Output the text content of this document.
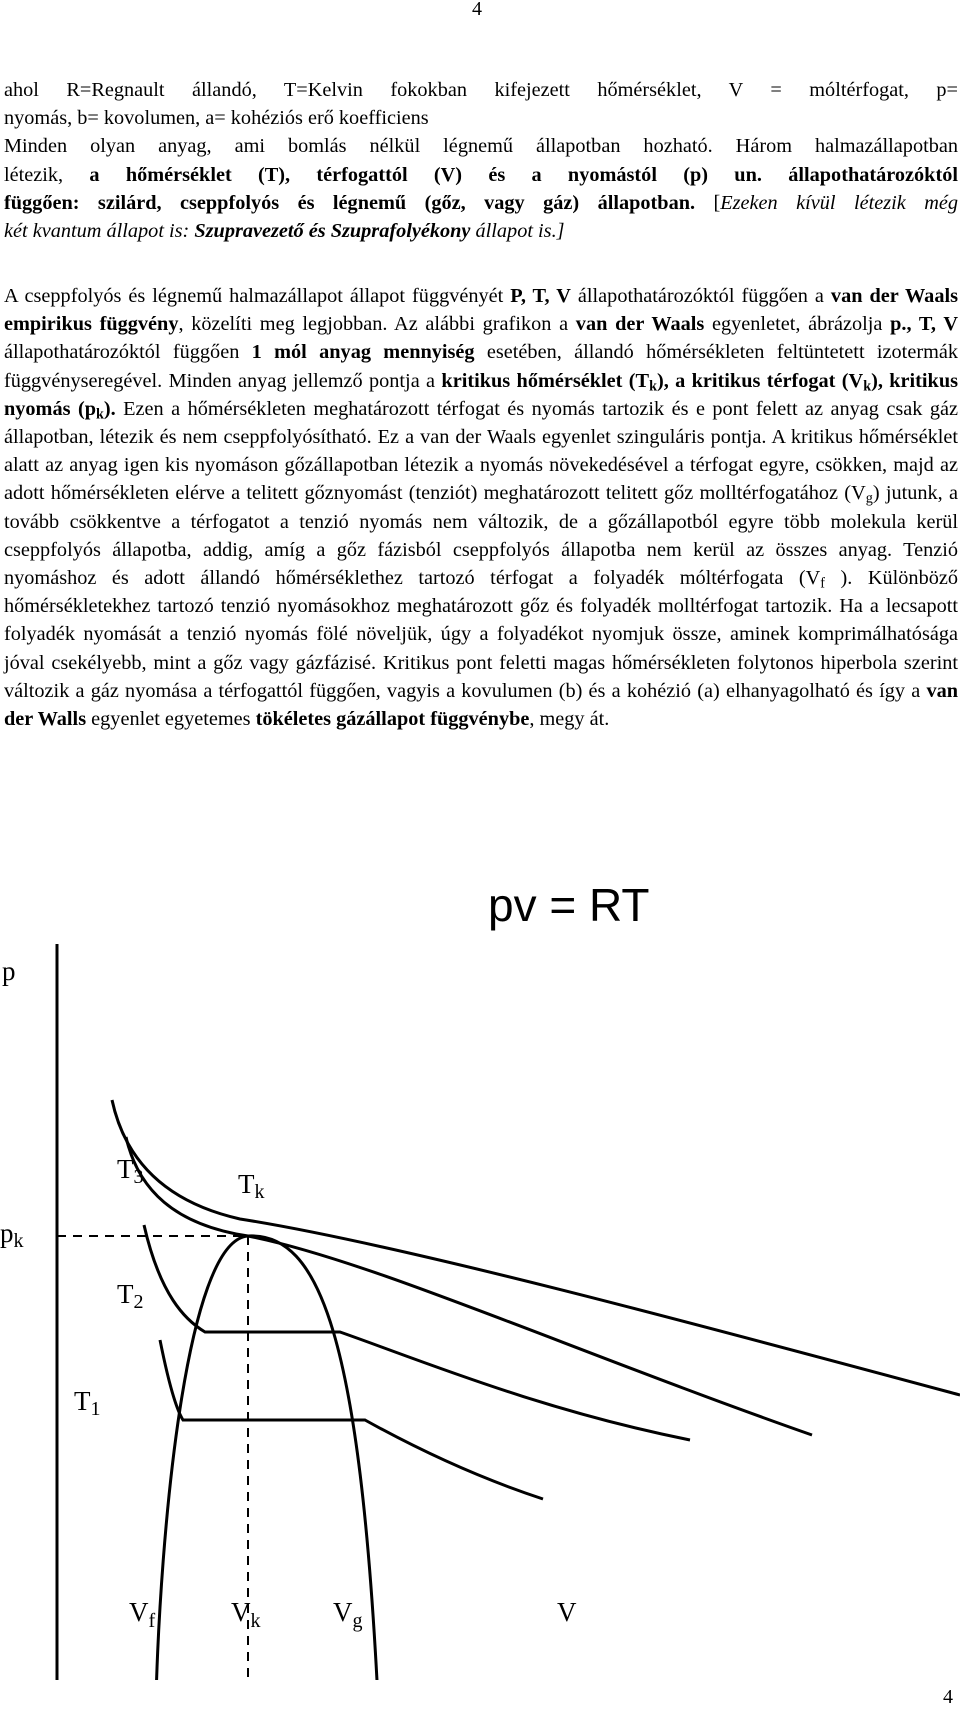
4
ahol R=Regnault állandó, T=Kelvin fokokban kifejezett hőmérséklet, V = móltérfogat, p=
nyomás, b= kovolumen, a= kohéziós erő koefficiens
Minden olyan anyag, ami bomlás nélkül légnemű állapotban hozható. Három halmazállapotban
létezik, a hőmérséklet (T), térfogattól (V) és a nyomástól (p) un. állapothatározóktól
függően: szilárd, cseppfolyós és légnemű (gőz, vagy gáz) állapotban. [Ezeken kívül létezik még
két kvantum állapot is: Szupravezető és Szuprafolyékony állapot is.]
A cseppfolyós és légnemű halmazállapot állapot függvényét P, T, V állapothatározóktól függően a van der Waals empirikus függvény, közelíti meg legjobban. Az alábbi grafikon a van der Waals egyenletet, ábrázolja p., T, V állapothatározóktól függően 1 mól anyag mennyiség esetében, állandó hőmérsékleten feltüntetett izotermák függvényseregével. Minden anyag jellemző pontja a kritikus hőmérséklet $(T_k)$, a kritikus térfogat $(V_k)$, kritikus nyomás $(p_k)$. Ezen a hőmérsékleten meghatározott térfogat és nyomás tartozik és e pont felett az anyag csak gáz állapotban, létezik és nem cseppfolyósítható. Ez a van der Waals egyenlet szinguláris pontja. A kritikus hőmérséklet alatt az anyag igen kis nyomáson gőzállapotban létezik a nyomás növekedésével a térfogat egyre, csökken, majd az adott hőmérsékleten elérve a telitett gőznyomást (tenziót) meghatározott telitett gőz molltérfogatához $(V_g)$ jutunk, a tovább csökkentve a térfogatot a tenzió nyomás nem változik, de a gőzállapotból egyre több molekula kerül cseppfolyós állapotba, addig, amíg a gőz fázisból cseppfolyós állapotba nem kerül az összes anyag. Tenzió nyomáshoz és adott állandó hőmérséklethez tartozó térfogat a folyadék móltérfogata ($V_f$ ). Különböző hőmérsékletekhez tartozó tenzió nyomásokhoz meghatározott gőz és folyadék molltérfogat tartozik. Ha a lecsapott folyadék nyomását a tenzió nyomás fölé növeljük, úgy a folyadékot nyomjuk össze, aminek komprimálhatósága jóval csekélyebb, mint a gőz vagy gázfázisé. Kritikus pont feletti magas hőmérsékleten folytonos hiperbola szerint változik a gáz nyomása a térfogattól függően, vagyis a kovulumen (b) és a kohézió (a) elhanyagolható és így a van der Walls egyenlet egyetemes tökéletes gázállapot függvénybe, megy át.
pv = RT
pk
T3	Tk
T2
T1
p
$V_f$	$V_k$	$V_g$	V
4
